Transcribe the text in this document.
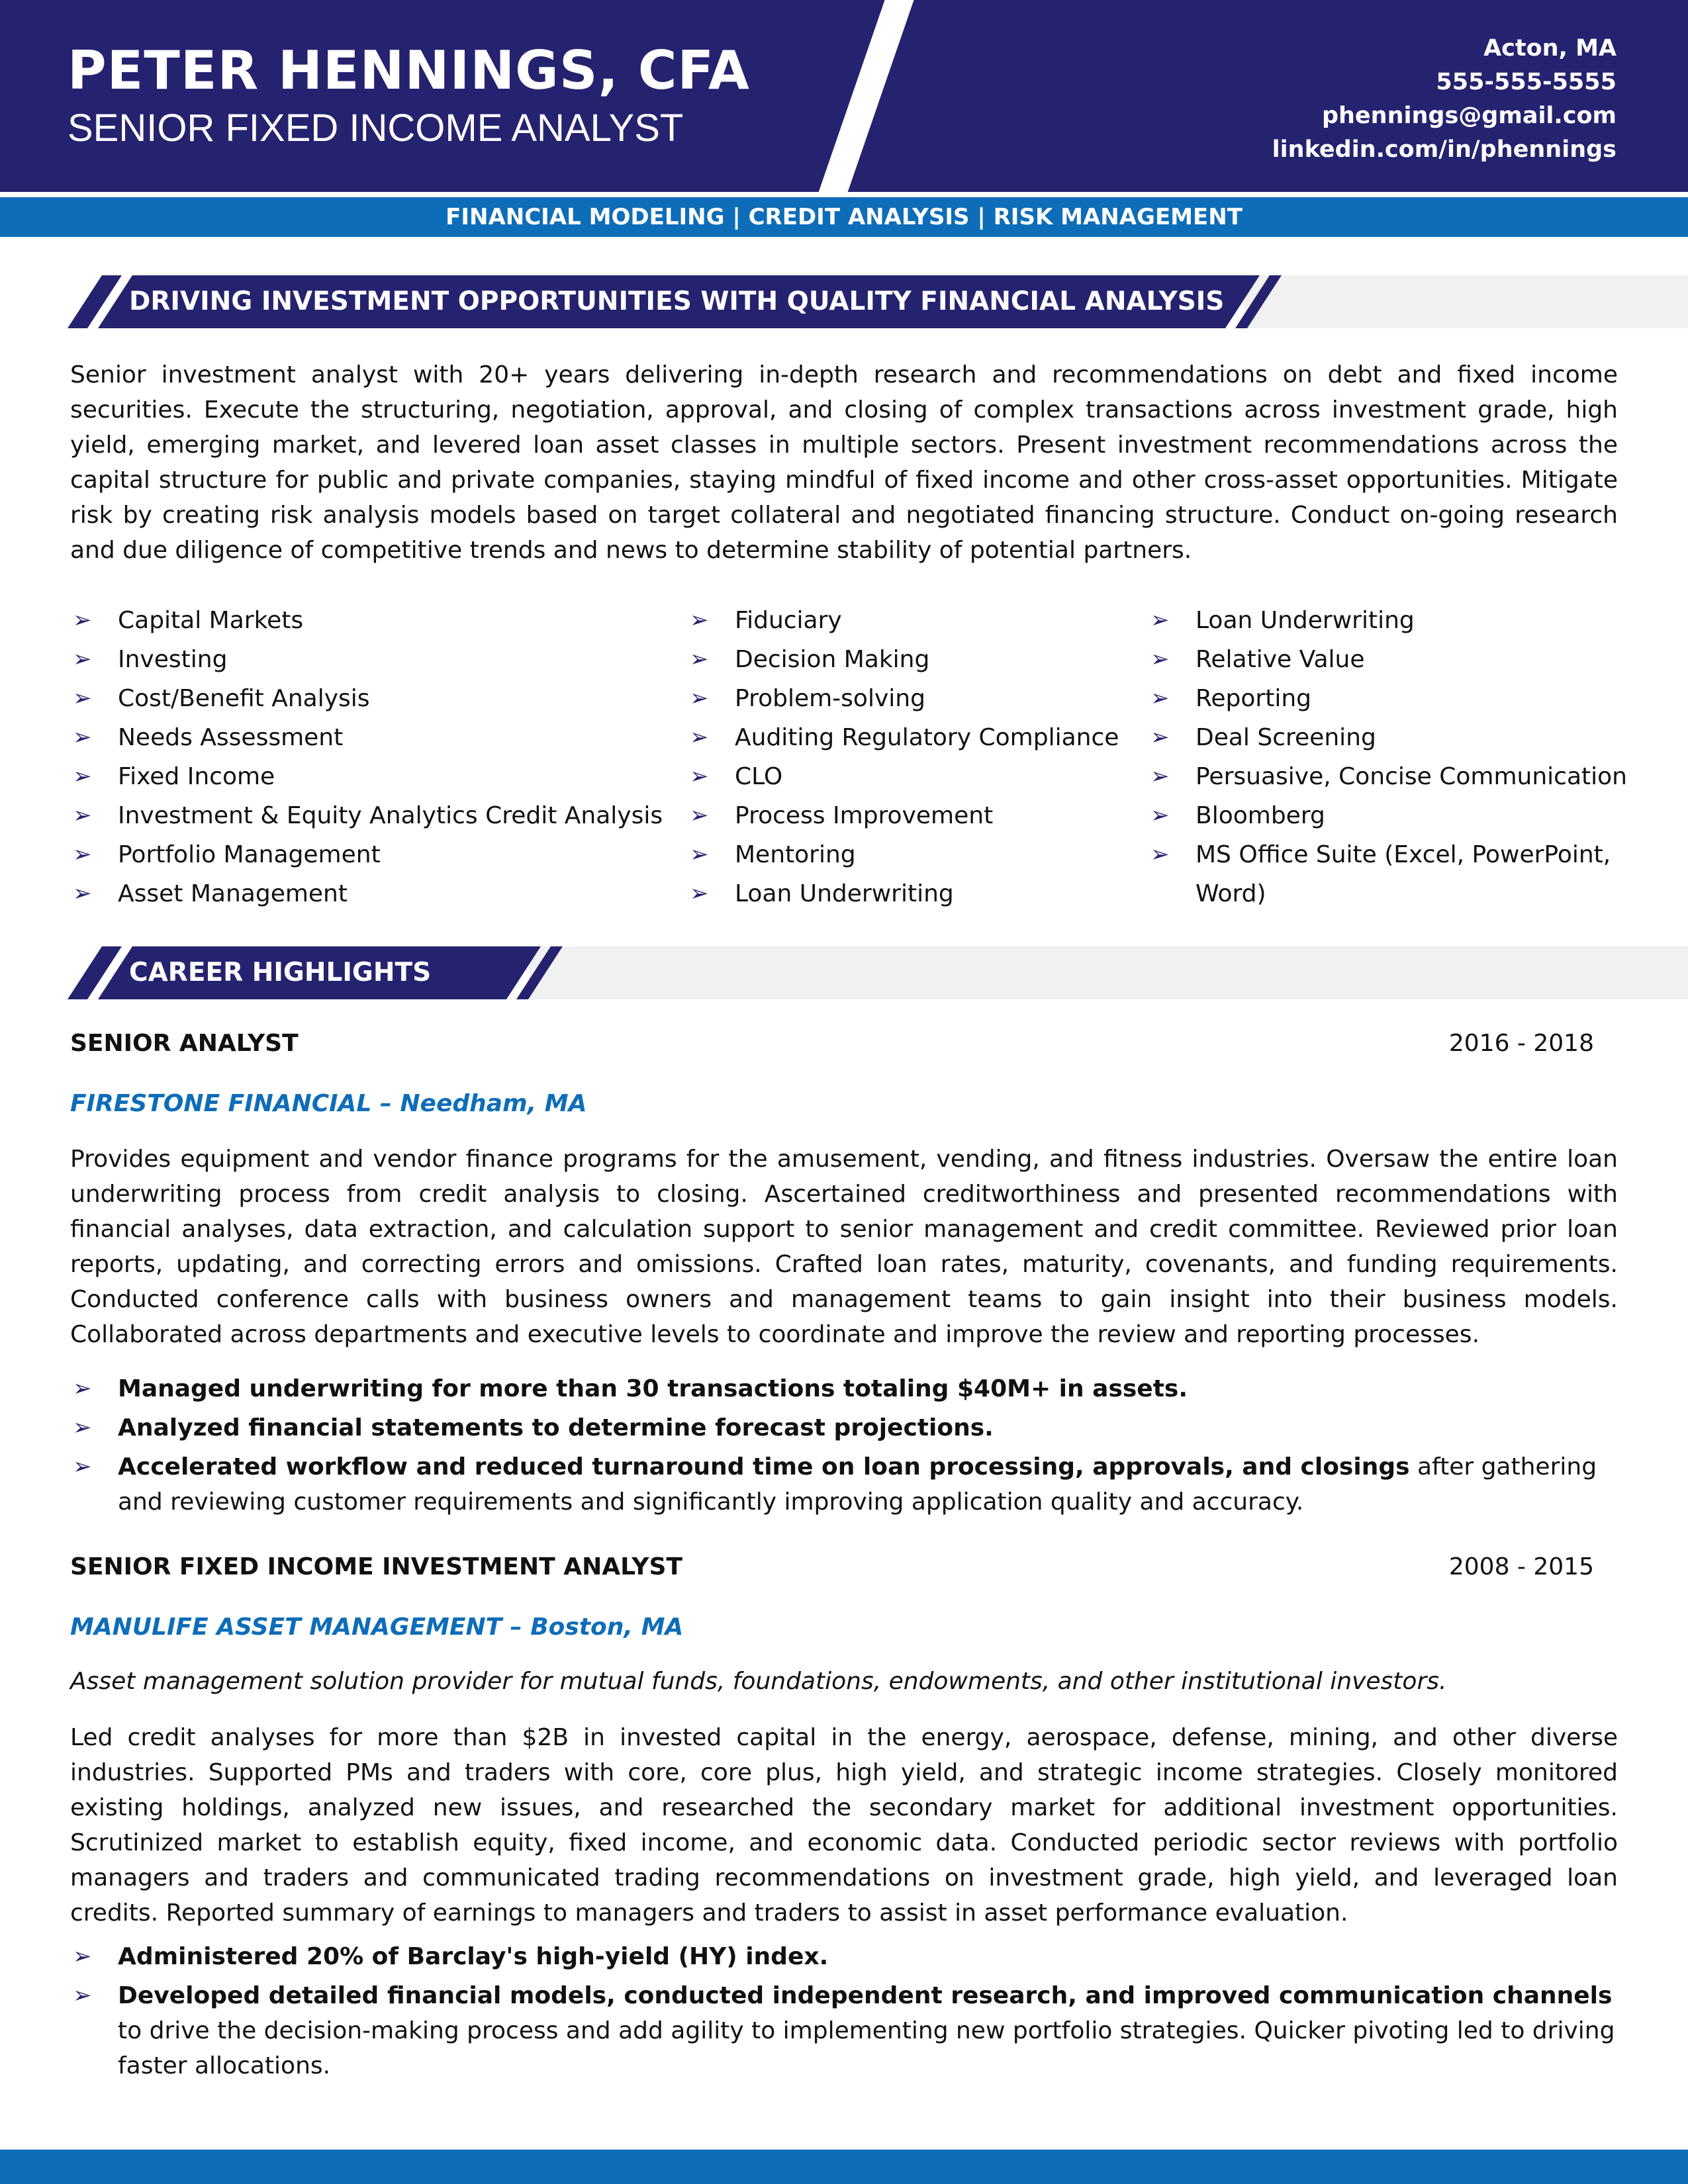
PETER HENNINGS, CFA
SENIOR FIXED INCOME ANALYST
Acton, MA
555-555-5555
phennings@gmail.com
linkedin.com/in/phennings
FINANCIAL MODELING | CREDIT ANALYSIS | RISK MANAGEMENT
DRIVING INVESTMENT OPPORTUNITIES WITH QUALITY FINANCIAL ANALYSIS

Senior investment analyst with 20+ years delivering in-depth research and recommendations on debt and fixed income securities. Execute the structuring, negotiation, approval, and closing of complex transactions across investment grade, high yield, emerging market, and levered loan asset classes in multiple sectors. Present investment recommendations across the capital structure for public and private companies, staying mindful of fixed income and other cross-asset opportunities. Mitigate risk by creating risk analysis models based on target collateral and negotiated financing structure. Conduct on-going research and due diligence of competitive trends and news to determine stability of potential partners.

➢ Capital Markets
➢ Investing
➢ Cost/Benefit Analysis
➢ Needs Assessment
➢ Fixed Income
➢ Investment & Equity Analytics Credit Analysis
➢ Portfolio Management
➢ Asset Management
➢ Fiduciary
➢ Decision Making
➢ Problem-solving
➢ Auditing Regulatory Compliance
➢ CLO
➢ Process Improvement
➢ Mentoring
➢ Loan Underwriting
➢ Loan Underwriting
➢ Relative Value
➢ Reporting
➢ Deal Screening
➢ Persuasive, Concise Communication
➢ Bloomberg
➢ MS Office Suite (Excel, PowerPoint, Word)
CAREER HIGHLIGHTS
SENIOR ANALYST	2016 - 2018
FIRESTONE FINANCIAL – Needham, MA

Provides equipment and vendor finance programs for the amusement, vending, and fitness industries. Oversaw the entire loan underwriting process from credit analysis to closing. Ascertained creditworthiness and presented recommendations with financial analyses, data extraction, and calculation support to senior management and credit committee. Reviewed prior loan reports, updating, and correcting errors and omissions. Crafted loan rates, maturity, covenants, and funding requirements. Conducted conference calls with business owners and management teams to gain insight into their business models. Collaborated across departments and executive levels to coordinate and improve the review and reporting processes.

➢ Managed underwriting for more than 30 transactions totaling $40M+ in assets.
➢ Analyzed financial statements to determine forecast projections.
➢ Accelerated workflow and reduced turnaround time on loan processing, approvals, and closings after gathering and reviewing customer requirements and significantly improving application quality and accuracy.
SENIOR FIXED INCOME INVESTMENT ANALYST	2008 - 2015
MANULIFE ASSET MANAGEMENT – Boston, MA
Asset management solution provider for mutual funds, foundations, endowments, and other institutional investors.

Led credit analyses for more than $2B in invested capital in the energy, aerospace, defense, mining, and other diverse industries. Supported PMs and traders with core, core plus, high yield, and strategic income strategies. Closely monitored existing holdings, analyzed new issues, and researched the secondary market for additional investment opportunities. Scrutinized market to establish equity, fixed income, and economic data. Conducted periodic sector reviews with portfolio managers and traders and communicated trading recommendations on investment grade, high yield, and leveraged loan credits. Reported summary of earnings to managers and traders to assist in asset performance evaluation.

➢ Administered 20% of Barclay's high-yield (HY) index.
➢ Developed detailed financial models, conducted independent research, and improved communication channels to drive the decision-making process and add agility to implementing new portfolio strategies. Quicker pivoting led to driving faster allocations.
